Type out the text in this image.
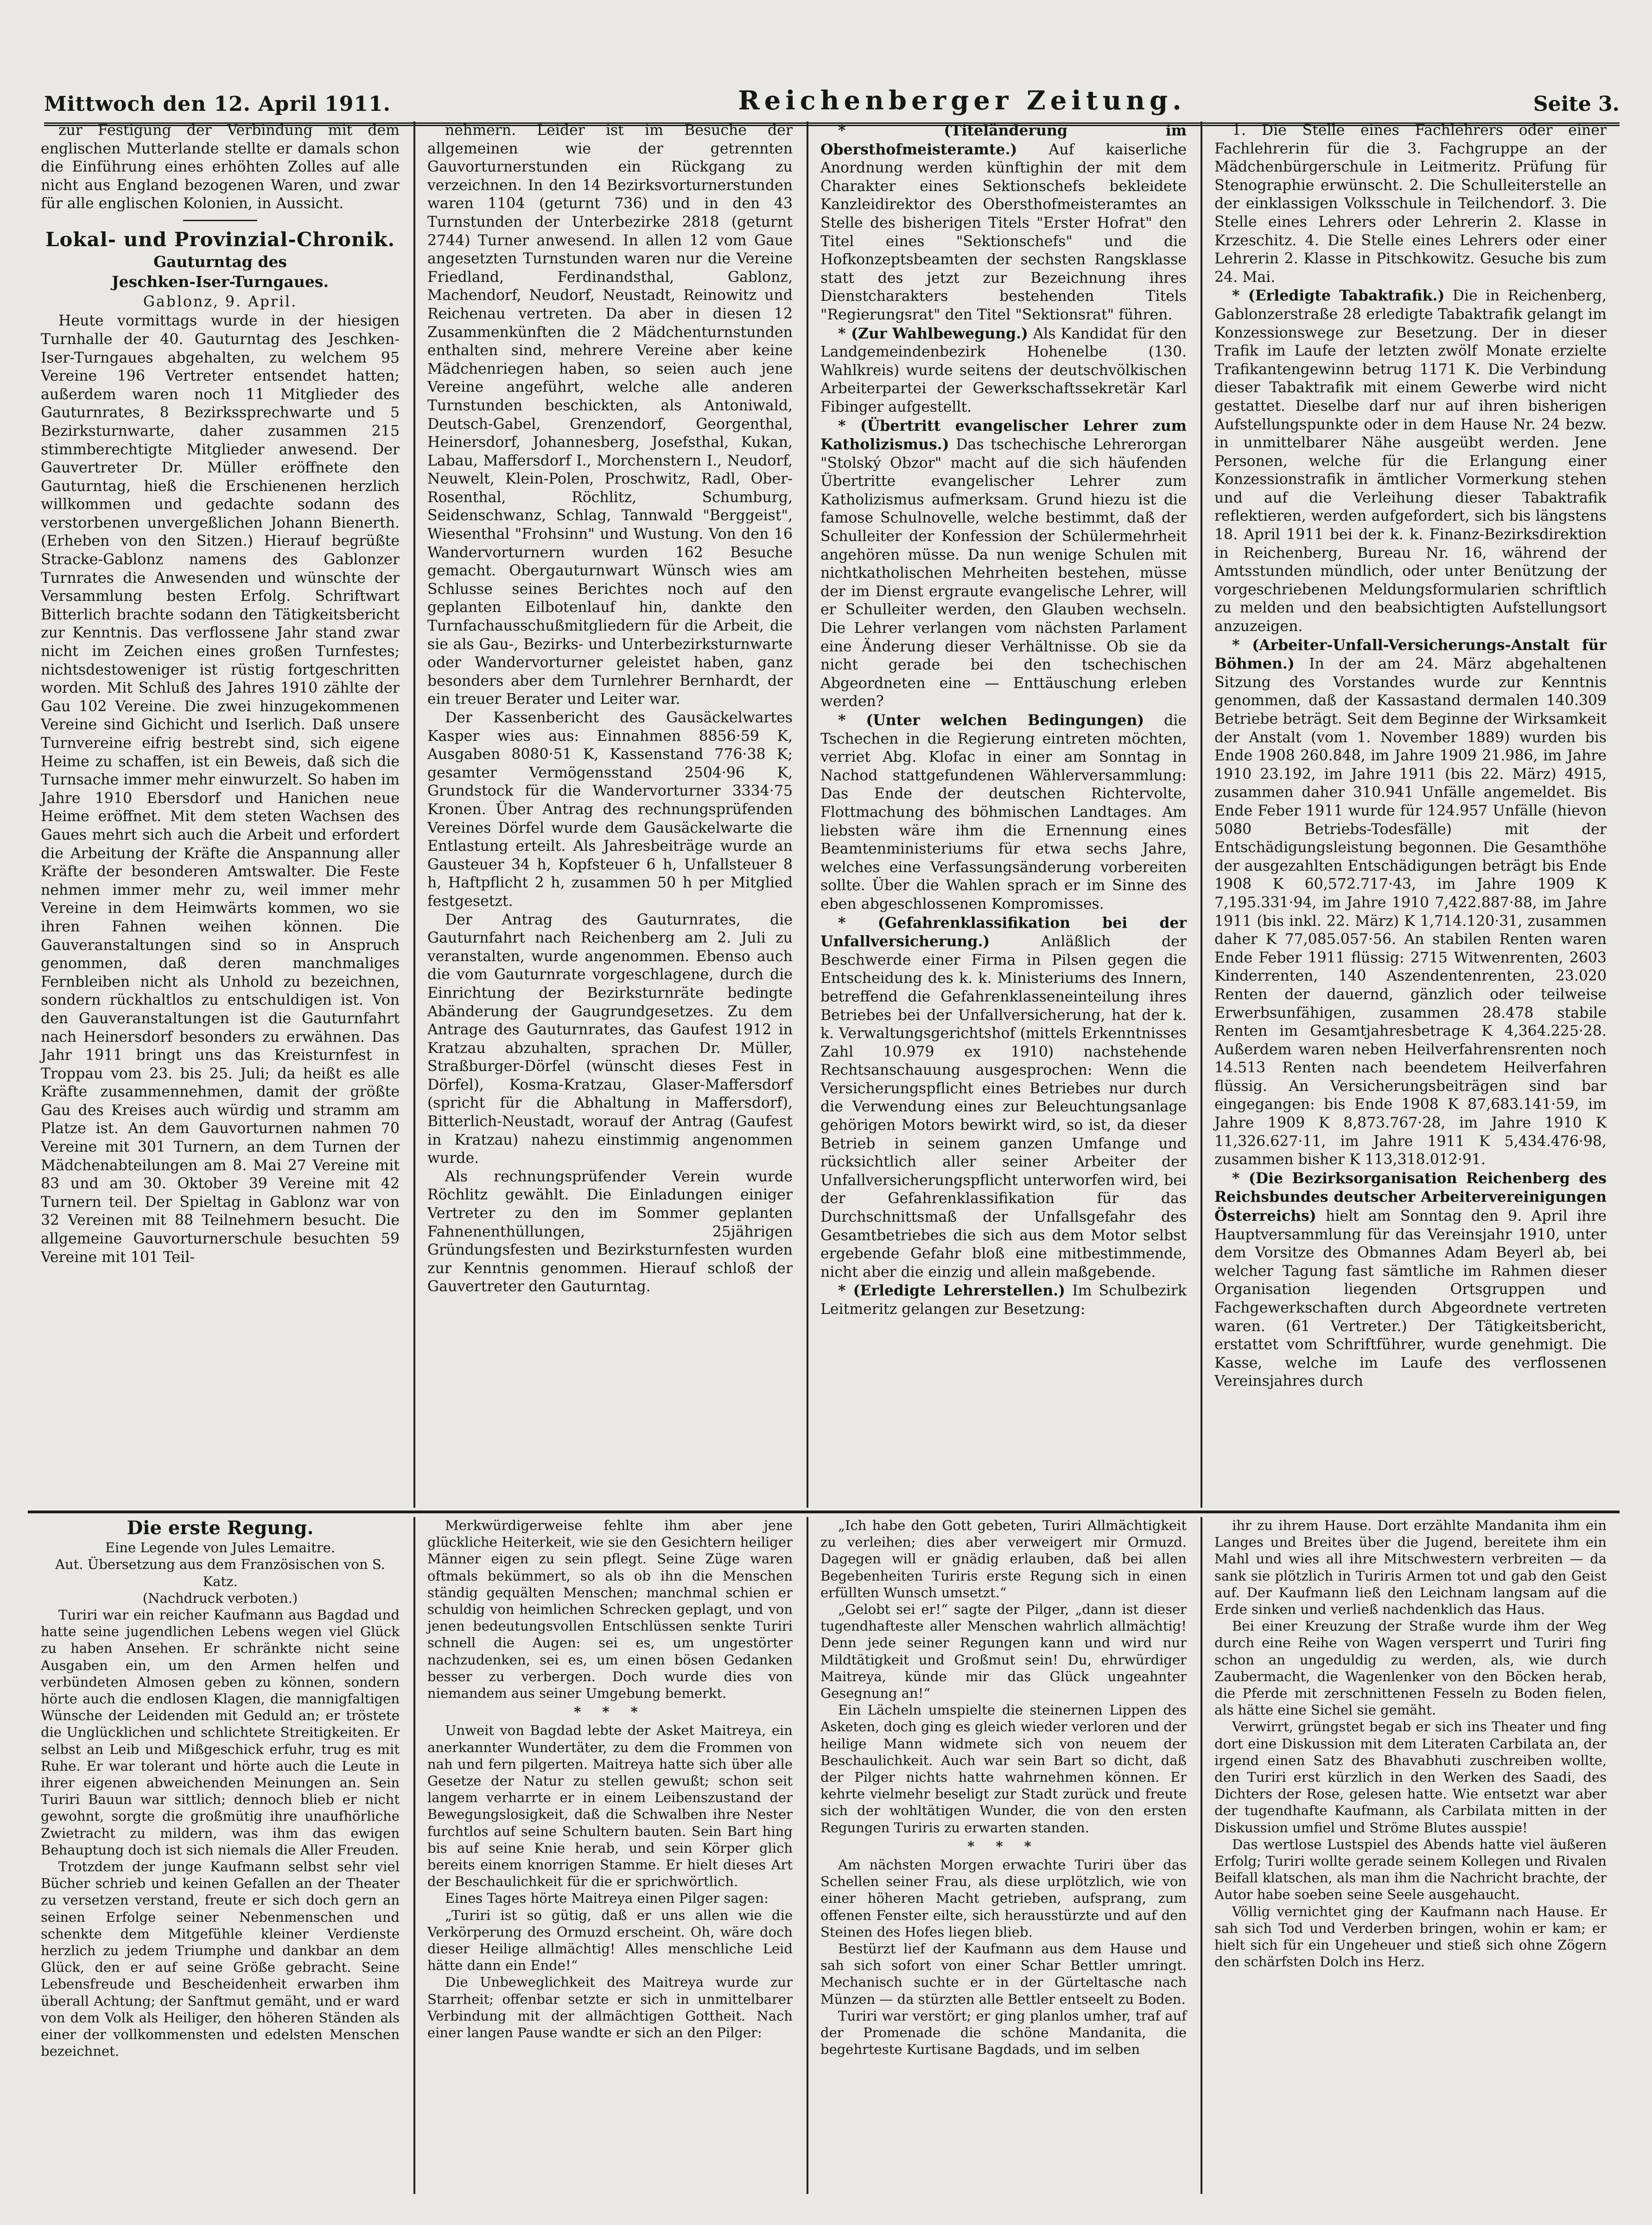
Mittwoch den 12. April 1911.	Reichenberger Zeitung.	Seite 3.

zur Festigung der Verbindung mit dem englischen Mutterlande stellte er damals schon die Einführung eines erhöhten Zolles auf alle nicht aus England bezogenen Waren, und zwar für alle englischen Kolonien, in Aussicht.

Lokal- und Provinzial-Chronik.
Gauturntag des
Jeschken-Iser-Turngaues.
Gablonz, 9. April.

Heute vormittags wurde in der hiesigen Turnhalle der 40. Gauturntag des Jeschken-Iser-Turngaues abgehalten, zu welchem 95 Vereine 196 Vertreter entsendet hatten; außerdem waren noch 11 Mitglieder des Gauturnrates, 8 Bezirkssprechwarte und 5 Bezirksturnwarte, daher zusammen 215 stimmberechtigte Mitglieder anwesend. Der Gauvertreter Dr. Müller eröffnete den Gauturntag, hieß die Erschienenen herzlich willkommen und gedachte sodann des verstorbenen unvergeßlichen Johann Bienerth. (Erheben von den Sitzen.) Hierauf begrüßte Stracke-Gablonz namens des Gablonzer Turnrates die Anwesenden und wünschte der Versammlung besten Erfolg. Schriftwart Bitterlich brachte sodann den Tätigkeitsbericht zur Kenntnis. Das verflossene Jahr stand zwar nicht im Zeichen eines großen Turnfestes; nichtsdestoweniger ist rüstig fortgeschritten worden. Mit Schluß des Jahres 1910 zählte der Gau 102 Vereine. Die zwei hinzugekommenen Vereine sind Gichicht und Iserlich. Daß unsere Turnvereine eifrig bestrebt sind, sich eigene Heime zu schaffen, ist ein Beweis, daß sich die Turnsache immer mehr einwurzelt. So haben im Jahre 1910 Ebersdorf und Hanichen neue Heime eröffnet. Mit dem steten Wachsen des Gaues mehrt sich auch die Arbeit und erfordert die Arbeitung der Kräfte die Anspannung aller Kräfte der besonderen Amtswalter. Die Feste nehmen immer mehr zu, weil immer mehr Vereine in dem Heimwärts kommen, wo sie ihren Fahnen weihen können. Die Gauveranstaltungen sind so in Anspruch genommen, daß deren manchmaliges Fernbleiben nicht als Unhold zu bezeichnen, sondern rückhaltlos zu entschuldigen ist. Von den Gauveranstaltungen ist die Gauturnfahrt nach Heinersdorf besonders zu erwähnen. Das Jahr 1911 bringt uns das Kreisturnfest in Troppau vom 23. bis 25. Juli; da heißt es alle Kräfte zusammennehmen, damit der größte Gau des Kreises auch würdig und stramm am Platze ist. An dem Gauvorturnen nahmen 70 Vereine mit 301 Turnern, an dem Turnen der Mädchenabteilungen am 8. Mai 27 Vereine mit 83 und am 30. Oktober 39 Vereine mit 42 Turnern teil. Der Spieltag in Gablonz war von 32 Vereinen mit 88 Teilnehmern besucht. Die allgemeine Gauvorturnerschule besuchten 59 Vereine mit 101 Teil-

nehmern. Leider ist im Besuche der allgemeinen wie der getrennten Gauvorturnerstunden ein Rückgang zu verzeichnen. In den 14 Bezirksvorturnerstunden waren 1104 (geturnt 736) und in den 43 Turnstunden der Unterbezirke 2818 (geturnt 2744) Turner anwesend. In allen 12 vom Gaue angesetzten Turnstunden waren nur die Vereine Friedland, Ferdinandsthal, Gablonz, Machendorf, Neudorf, Neustadt, Reinowitz und Reichenau vertreten. Da aber in diesen 12 Zusammenkünften die 2 Mädchenturnstunden enthalten sind, mehrere Vereine aber keine Mädchenriegen haben, so seien auch jene Vereine angeführt, welche alle anderen Turnstunden beschickten, als Antoniwald, Deutsch-Gabel, Grenzendorf, Georgenthal, Heinersdorf, Johannesberg, Josefsthal, Kukan, Labau, Maffersdorf I., Morchenstern I., Neudorf, Neuwelt, Klein-Polen, Proschwitz, Radl, Ober-Rosenthal, Röchlitz, Schumburg, Seidenschwanz, Schlag, Tannwald "Berggeist", Wiesenthal "Frohsinn" und Wustung. Von den 16 Wandervorturnern wurden 162 Besuche gemacht. Obergauturnwart Wünsch wies am Schlusse seines Berichtes noch auf den geplanten Eilbotenlauf hin, dankte den Turnfachausschußmitgliedern für die Arbeit, die sie als Gau-, Bezirks- und Unterbezirksturnwarte oder Wandervorturner geleistet haben, ganz besonders aber dem Turnlehrer Bernhardt, der ein treuer Berater und Leiter war.

Der Kassenbericht des Gausäckelwartes Kasper wies aus: Einnahmen 8856·59 K, Ausgaben 8080·51 K, Kassenstand 776·38 K; gesamter Vermögensstand 2504·96 K, Grundstock für die Wandervorturner 3334·75 Kronen. Über Antrag des rechnungsprüfenden Vereines Dörfel wurde dem Gausäckelwarte die Entlastung erteilt. Als Jahresbeiträge wurde an Gausteuer 34 h, Kopfsteuer 6 h, Unfallsteuer 8 h, Haftpflicht 2 h, zusammen 50 h per Mitglied festgesetzt.

Der Antrag des Gauturnrates, die Gauturnfahrt nach Reichenberg am 2. Juli zu veranstalten, wurde angenommen. Ebenso auch die vom Gauturnrate vorgeschlagene, durch die Einrichtung der Bezirksturnräte bedingte Abänderung der Gaugrundgesetzes. Zu dem Antrage des Gauturnrates, das Gaufest 1912 in Kratzau abzuhalten, sprachen Dr. Müller, Straßburger-Dörfel (wünscht dieses Fest in Dörfel), Kosma-Kratzau, Glaser-Maffersdorf (spricht für die Abhaltung in Maffersdorf), Bitterlich-Neustadt, worauf der Antrag (Gaufest in Kratzau) nahezu einstimmig angenommen wurde.

Als rechnungsprüfender Verein wurde Röchlitz gewählt. Die Einladungen einiger Vertreter zu den im Sommer geplanten Fahnenenthüllungen, 25jährigen Gründungsfesten und Bezirksturnfesten wurden zur Kenntnis genommen. Hierauf schloß der Gauvertreter den Gauturntag.

* (Titeländerung im Obersthofmeisteramte.) Auf kaiserliche Anordnung werden künftighin der mit dem Charakter eines Sektionschefs bekleidete Kanzleidirektor des Obersthofmeisteramtes an Stelle des bisherigen Titels "Erster Hofrat" den Titel eines "Sektionschefs" und die Hofkonzeptsbeamten der sechsten Rangsklasse statt des jetzt zur Bezeichnung ihres Dienstcharakters bestehenden Titels "Regierungsrat" den Titel "Sektionsrat" führen.

* (Zur Wahlbewegung.) Als Kandidat für den Landgemeindenbezirk Hohenelbe (130. Wahlkreis) wurde seitens der deutschvölkischen Arbeiterpartei der Gewerkschaftssekretär Karl Fibinger aufgestellt.

* (Übertritt evangelischer Lehrer zum Katholizismus.) Das tschechische Lehrerorgan "Stolský Obzor" macht auf die sich häufenden Übertritte evangelischer Lehrer zum Katholizismus aufmerksam. Grund hiezu ist die famose Schulnovelle, welche bestimmt, daß der Schulleiter der Konfession der Schülermehrheit angehören müsse. Da nun wenige Schulen mit nichtkatholischen Mehrheiten bestehen, müsse der im Dienst ergraute evangelische Lehrer, will er Schulleiter werden, den Glauben wechseln. Die Lehrer verlangen vom nächsten Parlament eine Änderung dieser Verhältnisse. Ob sie da nicht gerade bei den tschechischen Abgeordneten eine — Enttäuschung erleben werden?

* (Unter welchen Bedingungen) die Tschechen in die Regierung eintreten möchten, verriet Abg. Klofac in einer am Sonntag in Nachod stattgefundenen Wählerversammlung: Das Ende der deutschen Richtervolte, Flottmachung des böhmischen Landtages. Am liebsten wäre ihm die Ernennung eines Beamtenministeriums für etwa sechs Jahre, welches eine Verfassungsänderung vorbereiten sollte. Über die Wahlen sprach er im Sinne des eben abgeschlossenen Kompromisses.

* (Gefahrenklassifikation bei der Unfallversicherung.)	Anläßlich der Beschwerde einer Firma in Pilsen gegen die Entscheidung des k. k. Ministeriums des Innern, betreffend die Gefahrenklasseneinteilung ihres Betriebes bei der Unfallversicherung, hat der k. k. Verwaltungsgerichtshof (mittels Erkenntnisses Zahl 10.979 ex 1910) nachstehende Rechtsanschauung ausgesprochen: Wenn die Versicherungspflicht eines Betriebes nur durch die Verwendung eines zur Beleuchtungsanlage gehörigen Motors bewirkt wird, so ist, da dieser Betrieb in seinem ganzen Umfange und rücksichtlich aller seiner Arbeiter der Unfallversicherungspflicht unterworfen wird, bei der Gefahrenklassifikation für das Durchschnittsmaß der Unfallsgefahr des Gesamtbetriebes die sich aus dem Motor selbst ergebende Gefahr bloß eine mitbestimmende, nicht aber die einzig und allein maßgebende.

* (Erledigte Lehrerstellen.) Im Schulbezirk Leitmeritz gelangen zur Besetzung:

1. Die Stelle eines Fachlehrers oder einer Fachlehrerin für die 3. Fachgruppe an der Mädchenbürgerschule in Leitmeritz. Prüfung für Stenographie erwünscht. 2. Die Schulleiterstelle an der einklassigen Volksschule in Teilchendorf. 3. Die Stelle eines Lehrers oder Lehrerin 2. Klasse in Krzeschitz. 4. Die Stelle eines Lehrers oder einer Lehrerin 2. Klasse in Pitschkowitz. Gesuche bis zum 24. Mai.

* (Erledigte Tabaktrafik.) Die in Reichenberg, Gablonzerstraße 28 erledigte Tabaktrafik gelangt im Konzessionswege zur Besetzung. Der in dieser Trafik im Laufe der letzten zwölf Monate erzielte Trafikantengewinn betrug 1171 K. Die Verbindung dieser Tabaktrafik mit einem Gewerbe wird nicht gestattet. Dieselbe darf nur auf ihren bisherigen Aufstellungspunkte oder in dem Hause Nr. 24 bezw. in unmittelbarer Nähe ausgeübt werden. Jene Personen, welche für die Erlangung einer Konzessionstrafik in ämtlicher Vormerkung stehen und auf die Verleihung dieser Tabaktrafik reflektieren, werden aufgefordert, sich bis längstens 18. April 1911 bei der k. k. Finanz-Bezirksdirektion in Reichenberg, Bureau Nr. 16, während der Amtsstunden mündlich, oder unter Benützung der vorgeschriebenen Meldungsformularien schriftlich zu melden und den beabsichtigten Aufstellungsort anzuzeigen.

* (Arbeiter-Unfall-Versicherungs-Anstalt für Böhmen.) In der am 24. März abgehaltenen Sitzung des Vorstandes wurde zur Kenntnis genommen, daß der Kassastand dermalen 140.309 Betriebe beträgt. Seit dem Beginne der Wirksamkeit der Anstalt (vom 1. November 1889) wurden bis Ende 1908 260.848, im Jahre 1909 21.986, im Jahre 1910 23.192, im Jahre 1911 (bis 22. März) 4915, zusammen daher 310.941 Unfälle angemeldet. Bis Ende Feber 1911 wurde für 124.957 Unfälle (hievon 5080 Betriebs-Todesfälle) mit der Entschädigungsleistung begonnen. Die Gesamthöhe der ausgezahlten Entschädigungen beträgt bis Ende 1908 K 60,572.717·43, im Jahre 1909 K 7,195.331·94, im Jahre 1910 7,422.887·88, im Jahre 1911 (bis inkl. 22. März) K 1,714.120·31, zusammen daher K 77,085.057·56. An stabilen Renten waren Ende Feber 1911 flüssig: 2715 Witwenrenten, 2603 Kinderrenten, 140 Aszendentenrenten, 23.020 Renten der dauernd, gänzlich oder teilweise Erwerbsunfähigen, zusammen 28.478 stabile Renten im Gesamtjahresbetrage K 4,364.225·28. Außerdem waren neben Heilverfahrensrenten noch 14.513 Renten nach beendetem Heilverfahren flüssig. An Versicherungsbeiträgen sind bar eingegangen: bis Ende 1908 K 87,683.141·59, im Jahre 1909 K 8,873.767·28, im Jahre 1910 K 11,326.627·11, im Jahre 1911 K 5,434.476·98, zusammen bisher K 113,318.012·91.

* (Die Bezirksorganisation Reichenberg des Reichsbundes deutscher Arbeitervereinigungen Österreichs) hielt am Sonntag den 9. April ihre Hauptversammlung für das Vereinsjahr 1910, unter dem Vorsitze des Obmannes Adam Beyerl ab, bei welcher Tagung fast sämtliche im Rahmen dieser Organisation liegenden Ortsgruppen und Fachgewerkschaften durch Abgeordnete vertreten waren. (61 Vertreter.) Der Tätigkeitsbericht, erstattet vom Schriftführer, wurde genehmigt. Die Kasse, welche im Laufe des verflossenen Vereinsjahres durch

Die erste Regung.
Eine Legende von Jules Lemaitre.
Aut. Übersetzung aus dem Französischen von S. Katz.
(Nachdruck verboten.)

Turiri war ein reicher Kaufmann aus Bagdad und hatte seine jugendlichen Lebens wegen viel Glück zu haben Ansehen. Er schränkte nicht seine Ausgaben ein, um den Armen helfen und verbündeten Almosen geben zu können, sondern hörte auch die endlosen Klagen, die mannigfaltigen Wünsche der Leidenden mit Geduld an; er tröstete die Unglücklichen und schlichtete Streitigkeiten. Er selbst an Leib und Mißgeschick erfuhr, trug es mit Ruhe. Er war tolerant und hörte auch die Leute in ihrer eigenen abweichenden Meinungen an. Sein Turiri Bauun war sittlich; dennoch blieb er nicht gewohnt, sorgte die großmütig ihre unaufhörliche Zwietracht zu mildern, was ihm das ewigen Behauptung doch ist sich niemals die Aller Freuden.

Trotzdem der junge Kaufmann selbst sehr viel Bücher schrieb und keinen Gefallen an der Theater zu versetzen verstand, freute er sich doch gern an seinen Erfolge seiner Nebenmenschen und schenkte dem Mitgefühle kleiner Verdienste herzlich zu jedem Triumphe und dankbar an dem Glück, den er auf seine Größe gebracht. Seine Lebensfreude und Bescheidenheit erwarben ihm überall Achtung; der Sanftmut gemäht, und er ward von dem Volk als Heiliger, den höheren Ständen als einer der vollkommensten und edelsten Menschen bezeichnet.

Merkwürdigerweise fehlte ihm aber jene glückliche Heiterkeit, wie sie den Gesichtern heiliger Männer eigen zu sein pflegt. Seine Züge waren oftmals bekümmert, so als ob ihn die Menschen ständig gequälten Menschen; manchmal schien er schuldig von heimlichen Schrecken geplagt, und von jenen bedeutungsvollen Entschlüssen senkte Turiri schnell die Augen: sei es, um ungestörter nachzudenken, sei es, um einen bösen Gedanken besser zu verbergen. Doch wurde dies von niemandem aus seiner Umgebung bemerkt.

* * *

Unweit von Bagdad lebte der Asket Maitreya, ein anerkannter Wundertäter, zu dem die Frommen von nah und fern pilgerten. Maitreya hatte sich über alle Gesetze der Natur zu stellen gewußt; schon seit langem verharrte er in einem Leibenszustand der Bewegungslosigkeit, daß die Schwalben ihre Nester furchtlos auf seine Schultern bauten. Sein Bart hing bis auf seine Knie herab, und sein Körper glich bereits einem knorrigen Stamme. Er hielt dieses Art der Beschaulichkeit für die er sprichwörtlich.

Eines Tages hörte Maitreya einen Pilger sagen:

„Turiri ist so gütig, daß er uns allen wie die Verkörperung des Ormuzd erscheint. Oh, wäre doch dieser Heilige allmächtig! Alles menschliche Leid hätte dann ein Ende!“

Die Unbeweglichkeit des Maitreya wurde zur Starrheit; offenbar setzte er sich in unmittelbarer Verbindung mit der allmächtigen Gottheit. Nach einer langen Pause wandte er sich an den Pilger:

„Ich habe den Gott gebeten, Turiri Allmächtigkeit zu verleihen; dies aber verweigert mir Ormuzd. Dagegen will er gnädig erlauben, daß bei allen Begebenheiten Turiris erste Regung sich in einen erfüllten Wunsch umsetzt.“

„Gelobt sei er!“ sagte der Pilger, „dann ist dieser tugendhafteste aller Menschen wahrlich allmächtig! Denn jede seiner Regungen kann und wird nur Mildtätigkeit und Großmut sein! Du, ehrwürdiger Maitreya, künde mir das Glück ungeahnter Gesegnung an!“

Ein Lächeln umspielte die steinernen Lippen des Asketen, doch ging es gleich wieder verloren und der heilige Mann widmete sich von neuem der Beschaulichkeit. Auch war sein Bart so dicht, daß der Pilger nichts hatte wahrnehmen können. Er kehrte vielmehr beseligt zur Stadt zurück und freute sich der wohltätigen Wunder, die von den ersten Regungen Turiris zu erwarten standen.

* * *

Am nächsten Morgen erwachte Turiri über das Schellen seiner Frau, als diese urplötzlich, wie von einer höheren Macht getrieben, aufsprang, zum offenen Fenster eilte, sich herausstürzte und auf den Steinen des Hofes liegen blieb.

Bestürzt lief der Kaufmann aus dem Hause und sah sich sofort von einer Schar Bettler umringt. Mechanisch suchte er in der Gürteltasche nach Münzen — da stürzten alle Bettler entseelt zu Boden.

Turiri war verstört; er ging planlos umher, traf auf der Promenade die schöne Mandanita, die begehrteste Kurtisane Bagdads, und im selben

ihr zu ihrem Hause. Dort erzählte Mandanita ihm ein Langes und Breites über die Jugend, bereitete ihm ein Mahl und wies all ihre Mitschwestern verbreiten — da sank sie plötzlich in Turiris Armen tot und gab den Geist auf. Der Kaufmann ließ den Leichnam langsam auf die Erde sinken und verließ nachdenklich das Haus.

Bei einer Kreuzung der Straße wurde ihm der Weg durch eine Reihe von Wagen versperrt und Turiri fing schon an ungeduldig zu werden, als, wie durch Zaubermacht, die Wagenlenker von den Böcken herab, die Pferde mit zerschnittenen Fesseln zu Boden fielen, als hätte eine Sichel sie gemäht.

Verwirrt, grüngstet begab er sich ins Theater und fing dort eine Diskussion mit dem Literaten Carbilata an, der irgend einen Satz des Bhavabhuti zuschreiben wollte, den Turiri erst kürzlich in den Werken des Saadi, des Dichters der Rose, gelesen hatte. Wie entsetzt war aber der tugendhafte Kaufmann, als Carbilata mitten in der Diskussion umfiel und Ströme Blutes ausspie!

Das wertlose Lustspiel des Abends hatte viel äußeren Erfolg; Turiri wollte gerade seinem Kollegen und Rivalen Beifall klatschen, als man ihm die Nachricht brachte, der Autor habe soeben seine Seele ausgehaucht.

Völlig vernichtet ging der Kaufmann nach Hause. Er sah sich Tod und Verderben bringen, wohin er kam; er hielt sich für ein Ungeheuer und stieß sich ohne Zögern den schärfsten Dolch ins Herz.
